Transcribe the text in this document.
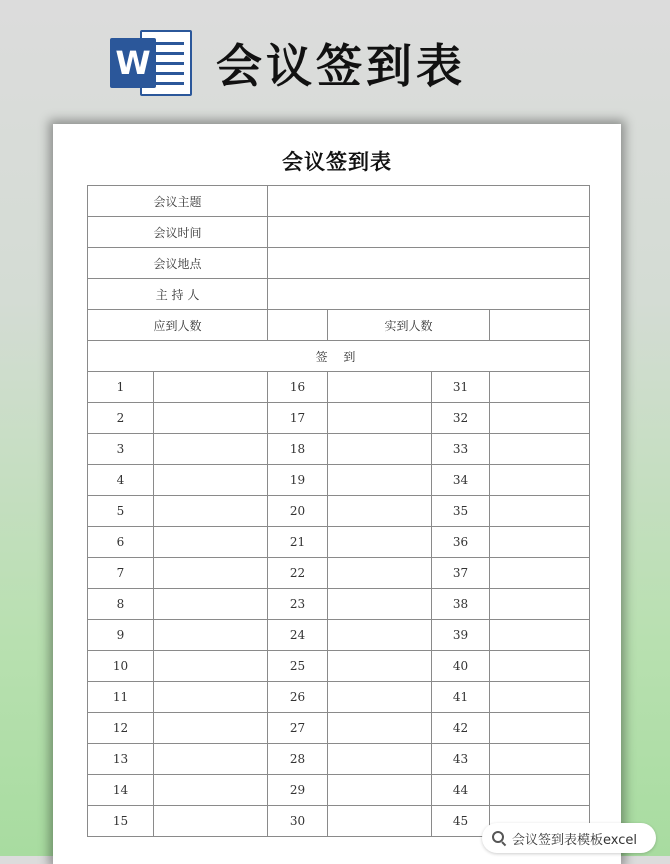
W 会议签到表
会议签到表
会议主题					
会议时间					
会议地点					
主 持 人					
应到人数			实到人数		
签 到					
1		16		31	
2		17		32	
3		18		33	
4		19		34	
5		20		35	
6		21		36	
7		22		37	
8		23		38	
9		24		39	
10		25		40	
11		26		41	
12		27		42	
13		28		43	
14		29		44	
15		30		45	
会议签到表模板excel
